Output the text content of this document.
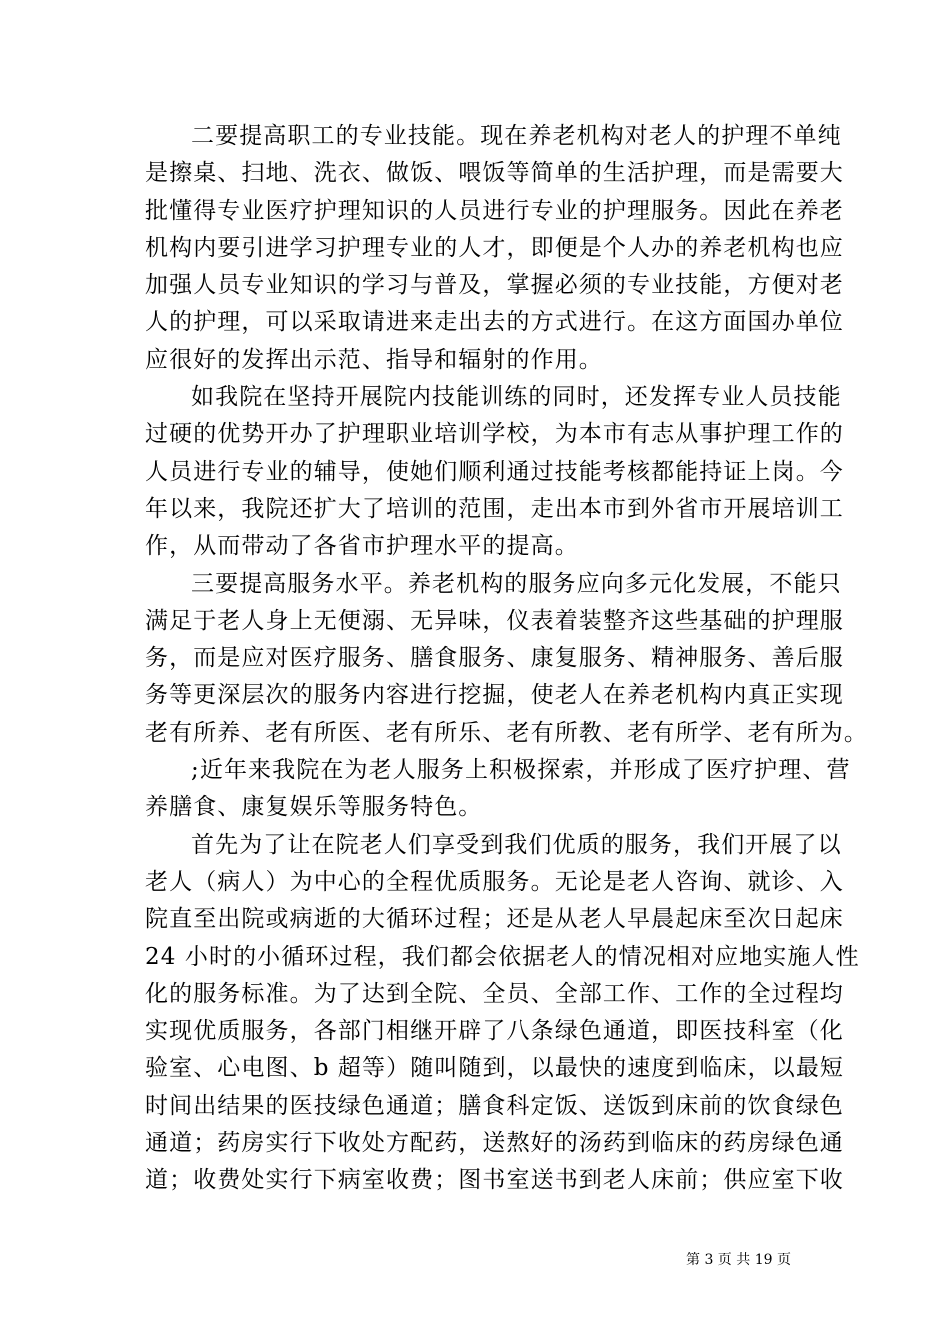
二要提高职工的专业技能。现在养老机构对老人的护理不单纯
是擦桌、扫地、洗衣、做饭、喂饭等简单的生活护理，而是需要大
批懂得专业医疗护理知识的人员进行专业的护理服务。因此在养老
机构内要引进学习护理专业的人才，即便是个人办的养老机构也应
加强人员专业知识的学习与普及，掌握必须的专业技能，方便对老
人的护理，可以采取请进来走出去的方式进行。在这方面国办单位
应很好的发挥出示范、指导和辐射的作用。
如我院在坚持开展院内技能训练的同时，还发挥专业人员技能
过硬的优势开办了护理职业培训学校，为本市有志从事护理工作的
人员进行专业的辅导，使她们顺利通过技能考核都能持证上岗。今
年以来，我院还扩大了培训的范围，走出本市到外省市开展培训工
作，从而带动了各省市护理水平的提高。
三要提高服务水平。养老机构的服务应向多元化发展，不能只
满足于老人身上无便溺、无异味，仪表着装整齐这些基础的护理服
务，而是应对医疗服务、膳食服务、康复服务、精神服务、善后服
务等更深层次的服务内容进行挖掘，使老人在养老机构内真正实现
老有所养、老有所医、老有所乐、老有所教、老有所学、老有所为。
;近年来我院在为老人服务上积极探索，并形成了医疗护理、营
养膳食、康复娱乐等服务特色。
首先为了让在院老人们享受到我们优质的服务，我们开展了以
老人（病人）为中心的全程优质服务。无论是老人咨询、就诊、入
院直至出院或病逝的大循环过程；还是从老人早晨起床至次日起床
24 小时的小循环过程，我们都会依据老人的情况相对应地实施人性
化的服务标准。为了达到全院、全员、全部工作、工作的全过程均
实现优质服务，各部门相继开辟了八条绿色通道，即医技科室（化
验室、心电图、b 超等）随叫随到，以最快的速度到临床，以最短
时间出结果的医技绿色通道；膳食科定饭、送饭到床前的饮食绿色
通道；药房实行下收处方配药，送熬好的汤药到临床的药房绿色通
道；收费处实行下病室收费；图书室送书到老人床前；供应室下收
第 3 页 共 19 页
